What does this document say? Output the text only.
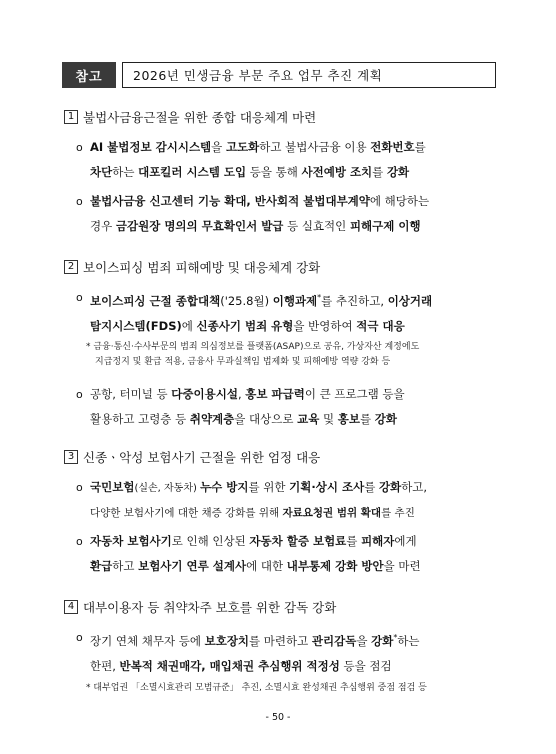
참고	2026년 민생금융 부문 주요 업무 추진 계획
1 불법사금융근절을 위한 종합 대응체계 마련
o AI 불법정보 감시시스템을 고도화하고 불법사금융 이용 전화번호를
차단하는 대포킬러 시스템 도입 등을 통해 사전예방 조치를 강화
o 불법사금융 신고센터 기능 확대, 반사회적 불법대부계약에 해당하는
경우 금감원장 명의의 무효확인서 발급 등 실효적인 피해구제 이행
2 보이스피싱 범죄 피해예방 및 대응체계 강화
o 보이스피싱 근절 종합대책('25.8월) 이행과제*를 추진하고, 이상거래
탐지시스템(FDS)에 신종사기 범죄 유형을 반영하여 적극 대응
* 금융·통신·수사부문의 범죄 의심정보를 플랫폼(ASAP)으로 공유, 가상자산 계정에도
지급정지 및 환급 적용, 금융사 무과실책임 법제화 및 피해예방 역량 강화 등
o 공항, 터미널 등 다중이용시설, 홍보 파급력이 큰 프로그램 등을
활용하고 고령층 등 취약계층을 대상으로 교육 및 홍보를 강화
3 신종ㆍ악성 보험사기 근절을 위한 엄정 대응
o 국민보험(실손, 자동차) 누수 방지를 위한 기획·상시 조사를 강화하고,
다양한 보험사기에 대한 채증 강화를 위해 자료요청권 범위 확대를 추진
o 자동차 보험사기로 인해 인상된 자동차 할증 보험료를 피해자에게
환급하고 보험사기 연루 설계사에 대한 내부통제 강화 방안을 마련
4 대부이용자 등 취약차주 보호를 위한 감독 강화
o 장기 연체 채무자 등에 보호장치를 마련하고 관리감독을 강화*하는
한편, 반복적 채권매각, 매입채권 추심행위 적정성 등을 점검
* 대부업권 「소멸시효관리 모범규준」 추진, 소멸시효 완성채권 추심행위 중점 점검 등
- 50 -
